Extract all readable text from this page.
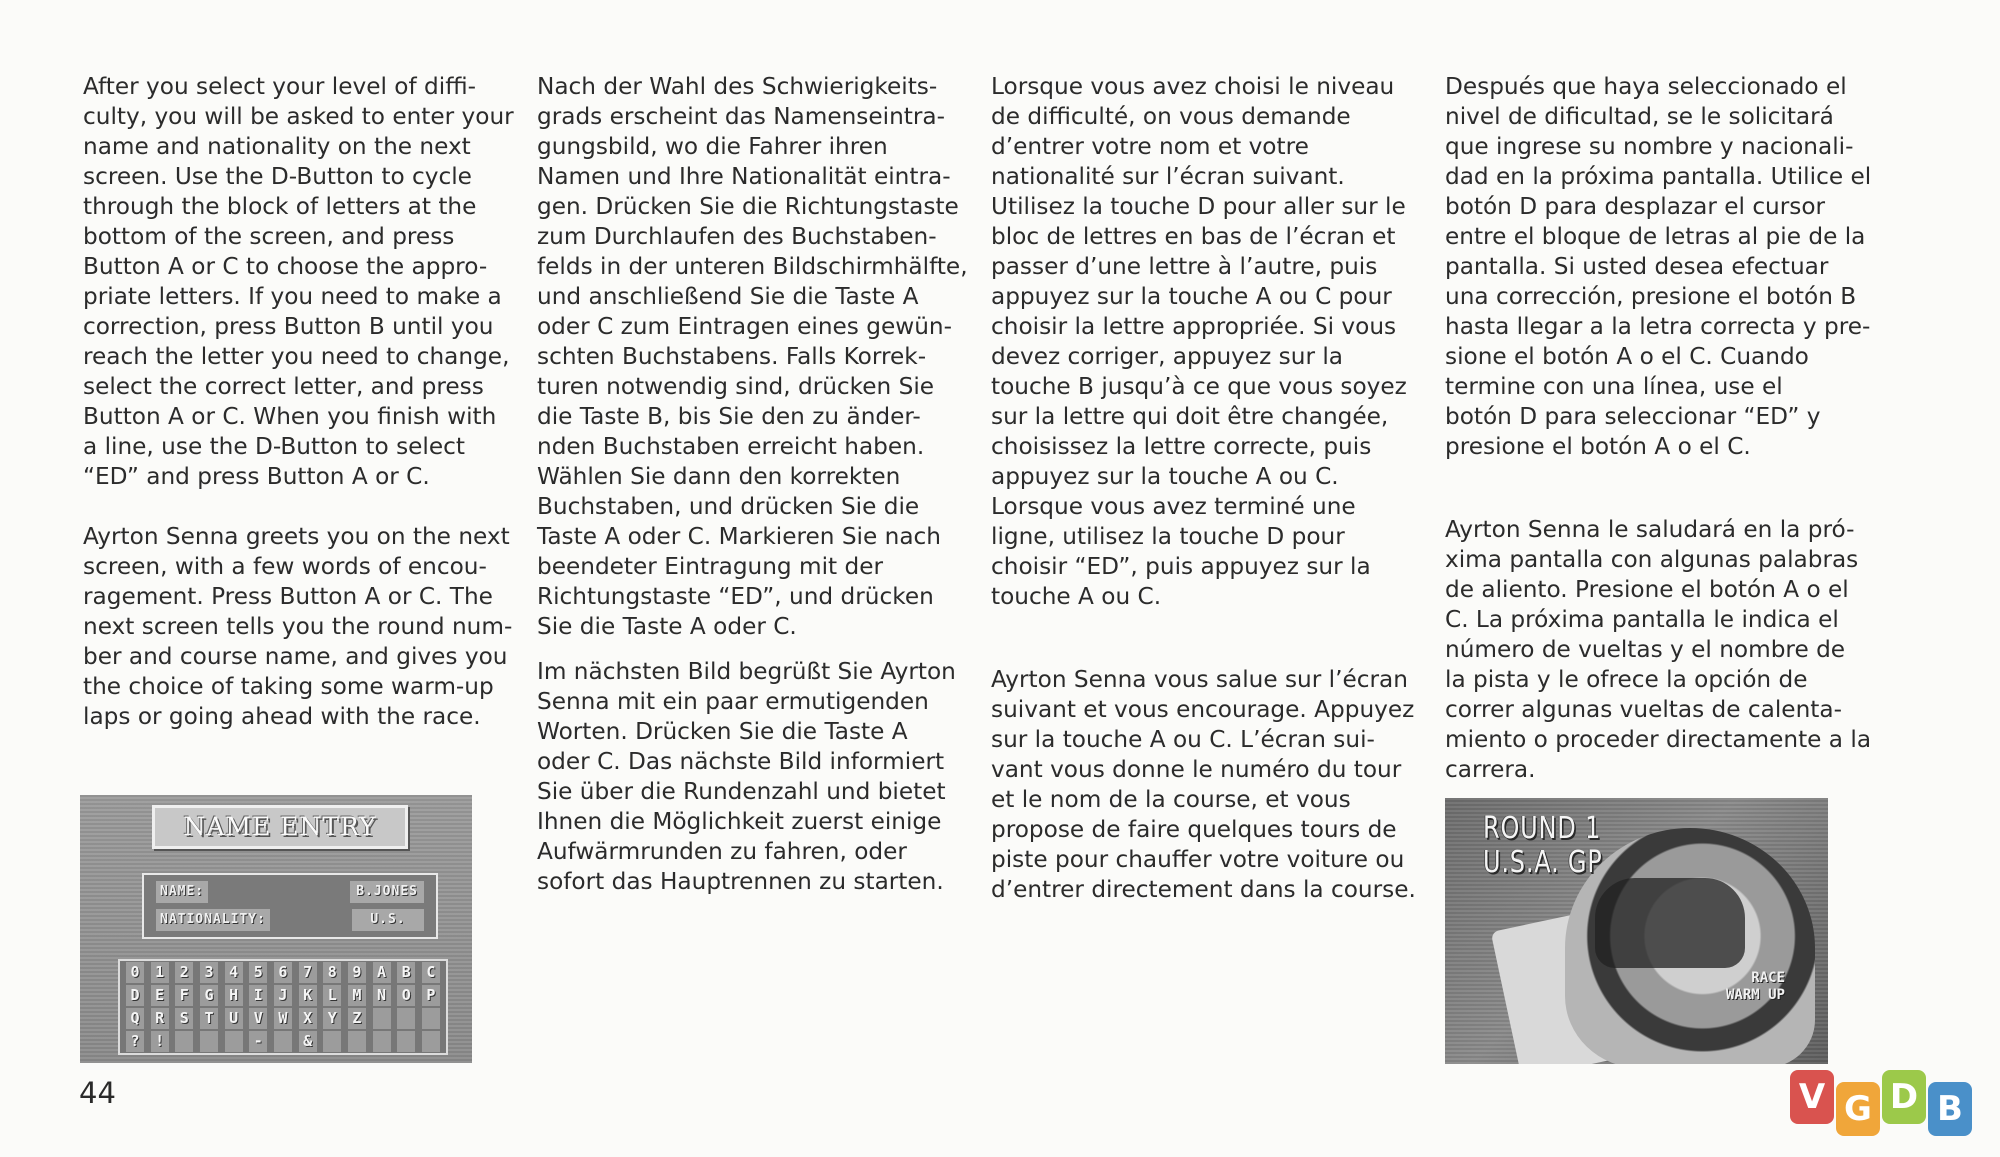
After you select your level of diffi-
culty, you will be asked to enter your
name and nationality on the next
screen. Use the D-Button to cycle
through the block of letters at the
bottom of the screen, and press
Button A or C to choose the appro-
priate letters. If you need to make a
correction, press Button B until you
reach the letter you need to change,
select the correct letter, and press
Button A or C. When you finish with
a line, use the D-Button to select
“ED” and press Button A or C.

Ayrton Senna greets you on the next
screen, with a few words of encou-
ragement. Press Button A or C. The
next screen tells you the round num-
ber and course name, and gives you
the choice of taking some warm-up
laps or going ahead with the race.

Nach der Wahl des Schwierigkeits-
grads erscheint das Namenseintra-
gungsbild, wo die Fahrer ihren
Namen und Ihre Nationalität eintra-
gen. Drücken Sie die Richtungstaste
zum Durchlaufen des Buchstaben-
felds in der unteren Bildschirmhälfte,
und anschließend Sie die Taste A
oder C zum Eintragen eines gewün-
schten Buchstabens. Falls Korrek-
turen notwendig sind, drücken Sie
die Taste B, bis Sie den zu änder-
nden Buchstaben erreicht haben.
Wählen Sie dann den korrekten
Buchstaben, und drücken Sie die
Taste A oder C. Markieren Sie nach
beendeter Eintragung mit der
Richtungstaste “ED”, und drücken
Sie die Taste A oder C.

Im nächsten Bild begrüßt Sie Ayrton
Senna mit ein paar ermutigenden
Worten. Drücken Sie die Taste A
oder C. Das nächste Bild informiert
Sie über die Rundenzahl und bietet
Ihnen die Möglichkeit zuerst einige
Aufwärmrunden zu fahren, oder
sofort das Hauptrennen zu starten.

Lorsque vous avez choisi le niveau
de difficulté, on vous demande
d’entrer votre nom et votre
nationalité sur l’écran suivant.
Utilisez la touche D pour aller sur le
bloc de lettres en bas de l’écran et
passer d’une lettre à l’autre, puis
appuyez sur la touche A ou C pour
choisir la lettre appropriée. Si vous
devez corriger, appuyez sur la
touche B jusqu’à ce que vous soyez
sur la lettre qui doit être changée,
choisissez la lettre correcte, puis
appuyez sur la touche A ou C.
Lorsque vous avez terminé une
ligne, utilisez la touche D pour
choisir “ED”, puis appuyez sur la
touche A ou C.

Ayrton Senna vous salue sur l’écran
suivant et vous encourage. Appuyez
sur la touche A ou C. L’écran sui-
vant vous donne le numéro du tour
et le nom de la course, et vous
propose de faire quelques tours de
piste pour chauffer votre voiture ou
d’entrer directement dans la course.

Después que haya seleccionado el
nivel de dificultad, se le solicitará
que ingrese su nombre y nacionali-
dad en la próxima pantalla. Utilice el
botón D para desplazar el cursor
entre el bloque de letras al pie de la
pantalla. Si usted desea efectuar
una corrección, presione el botón B
hasta llegar a la letra correcta y pre-
sione el botón A o el C. Cuando
termine con una línea, use el
botón D para seleccionar “ED” y
presione el botón A o el C.

Ayrton Senna le saludará en la pró-
xima pantalla con algunas palabras
de aliento. Presione el botón A o el
C. La próxima pantalla le indica el
número de vueltas y el nombre de
la pista y le ofrece la opción de
correr algunas vueltas de calenta-
miento o proceder directamente a la
carrera.

NAME ENTRY
NAME:	B.JONES
NATIONALITY:	U.S.
0 1 2 3 4 5 6 7 8 9 A B C
D E F G H I J K L M N O P
Q R S T U V W X Y Z
? !	-	&
ROUND 1
U.S.A. GP
RACE
WARM UP
44	V G D B
